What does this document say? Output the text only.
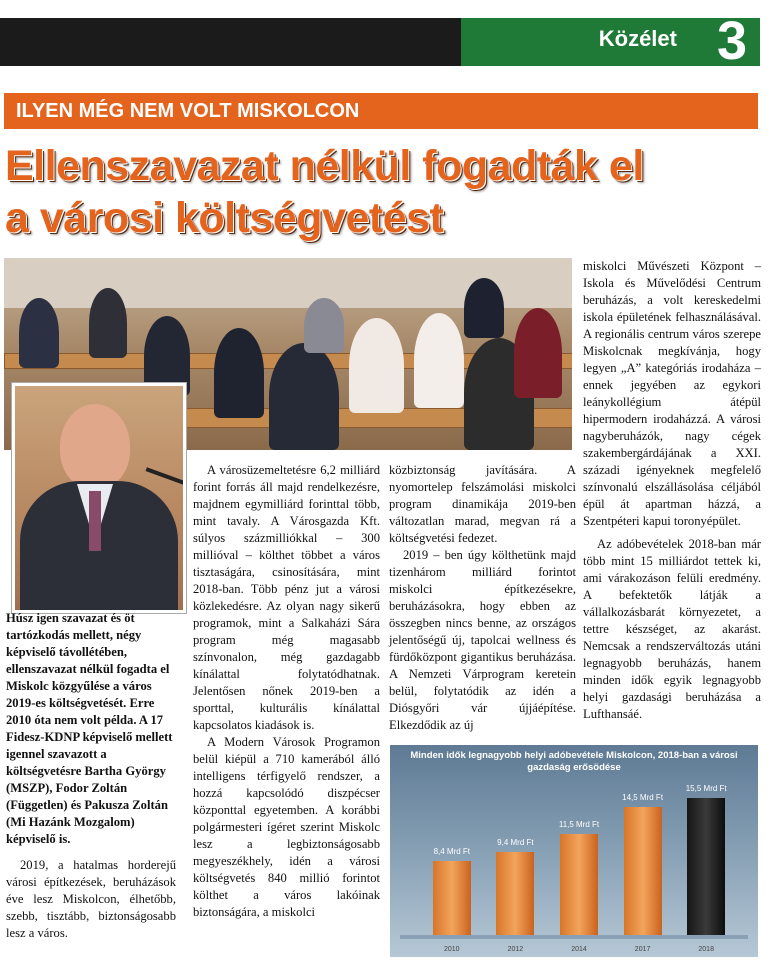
Közélet 3
ILYEN MÉG NEM VOLT MISKOLCON
Ellenszavazat nélkül fogadták el
a városi költségvetést
Húsz igen szavazat és öt tartózkodás mellett, négy képviselő távollétében, ellenszavazat nélkül fogadta el Miskolc közgyűlése a város 2019-es költségvetését. Erre 2010 óta nem volt példa. A 17 Fidesz-KDNP képviselő mellett igennel szavazott a költségvetésre Bartha György (MSZP), Fodor Zoltán (Független) és Pakusza Zoltán (Mi Hazánk Mozgalom) képviselő is.
2019, a hatalmas horderejű városi építkezések, beruházások éve lesz Miskolcon, élhetőbb, szebb, tisztább, biztonságosabb lesz a város.

A városüzemeltetésre 6,2 milliárd forint forrás áll majd rendelkezésre, majdnem egymilliárd forinttal több, mint tavaly. A Városgazda Kft. súlyos százmilliókkal – 300 millióval – költhet többet a város tisztaságára, csinosítására, mint 2018-ban. Több pénz jut a városi közlekedésre. Az olyan nagy sikerű programok, mint a Salkaházi Sára program még magasabb színvonalon, még gazdagabb kínálattal folytatódhatnak. Jelentősen nőnek 2019-ben a sporttal, kulturális kínálattal kapcsolatos kiadások is.

A Modern Városok Programon belül kiépül a 710 kamerából álló intelligens térfigyelő rendszer, a hozzá kapcsolódó diszpécser központtal egyetemben. A korábbi polgármesteri ígéret szerint Miskolc lesz a legbiztonságosabb megyeszékhely, idén a városi költségvetés 840 millió forintot költhet a város lakóinak biztonságára, a miskolci

közbiztonság javítására. A nyomortelep felszámolási miskolci program dinamikája 2019-ben változatlan marad, megvan rá a költségvetési fedezet.

2019 – ben úgy költhetünk majd tizenhárom milliárd forintot miskolci építkezésekre, beruházásokra, hogy ebben az összegben nincs benne, az országos jelentőségű új, tapolcai wellness és fürdőközpont gigantikus beruházása. A Nemzeti Várprogram keretein belül, folytatódik az idén a Diósgyőri vár újjáépítése. Elkezdődik az új

miskolci Művészeti Központ – Iskola és Művelődési Centrum beruházás, a volt kereskedelmi iskola épületének felhasználásával. A regionális centrum város szerepe Miskolcnak megkívánja, hogy legyen „A” kategóriás irodaháza – ennek jegyében az egykori leánykollégium átépül hipermodern irodaházzá. A városi nagyberuházók, nagy cégek szakembergárdájának a XXI. századi igényeknek megfelelő színvonalú elszállásolása céljából épül át apartman házzá, a Szentpéteri kapui toronyépület.

Az adóbevételek 2018-ban már több mint 15 milliárdot tettek ki, ami várakozáson felüli eredmény. A befektetők látják a vállalkozásbarát környezetet, a tettre készséget, az akarást. Nemcsak a rendszerváltozás utáni legnagyobb beruházás, hanem minden idők egyik legnagyobb helyi gazdasági beruházása a Lufthansáé.

Minden idők legnagyobb helyi adóbevétele Miskolcon, 2018-ban a városi gazdaság erősödése
8,4 Mrd Ft
2010
9,4 Mrd Ft
2012
11,5 Mrd Ft
2014
14,5 Mrd Ft
2017
15,5 Mrd Ft
2018
